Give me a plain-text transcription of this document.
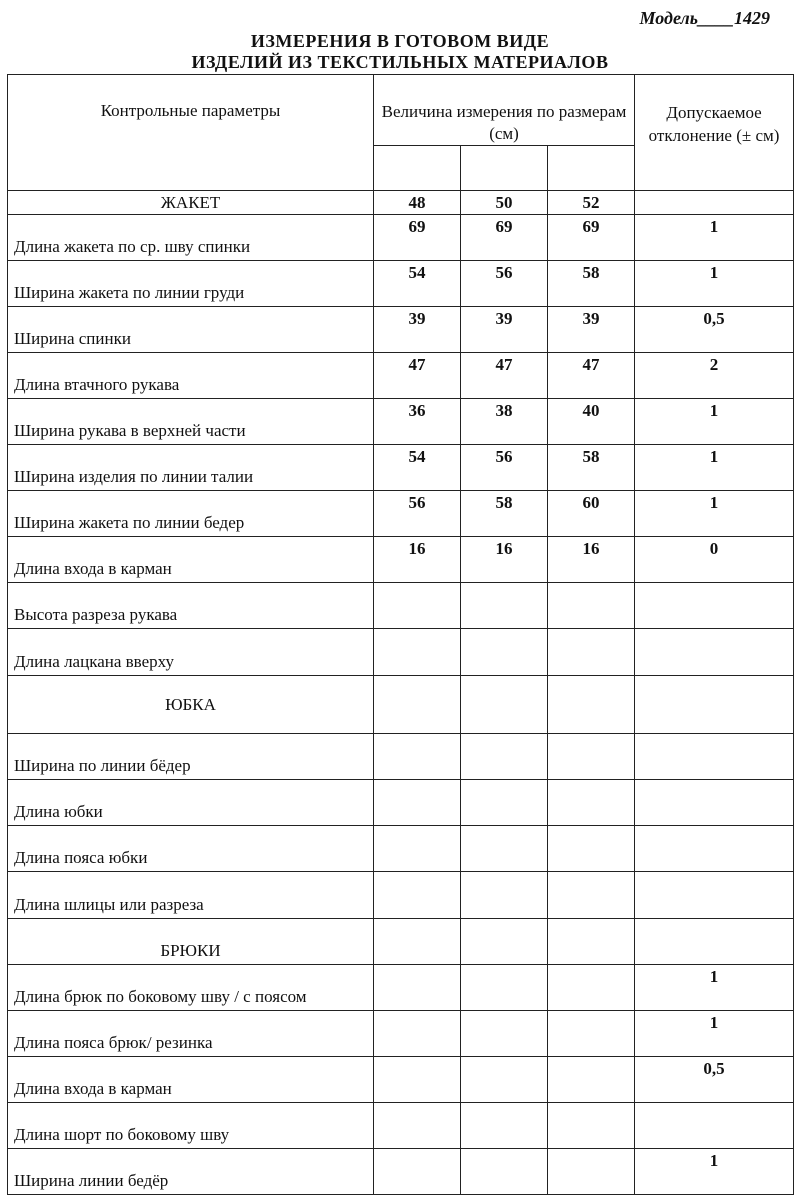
Модель____1429
ИЗМЕРЕНИЯ В ГОТОВОМ ВИДЕ
ИЗДЕЛИЙ ИЗ ТЕКСТИЛЬНЫХ МАТЕРИАЛОВ
Контрольные параметры	Величина измерения по размерам (см)			Допускаемое отклонение (± см)

ЖАКЕТ	48	50	52	
Длина жакета по ср. шву спинки	69	69	69	1
Ширина жакета по линии груди	54	56	58	1
Ширина спинки	39	39	39	0,5
Длина втачного рукава	47	47	47	2
Ширина рукава в верхней части	36	38	40	1
Ширина изделия по линии талии	54	56	58	1
Ширина жакета по линии бедер	56	58	60	1
Длина входа в карман	16	16	16	0
Высота разреза рукава				
Длина лацкана вверху				
ЮБКА				
Ширина по линии бёдер				
Длина юбки				
Длина пояса юбки				
Длина шлицы или разреза				
БРЮКИ				
Длина брюк по боковому шву / с поясом				1
Длина пояса брюк/ резинка				1
Длина входа в карман				0,5
Длина шорт по боковому шву				
Ширина линии бедёр				1
